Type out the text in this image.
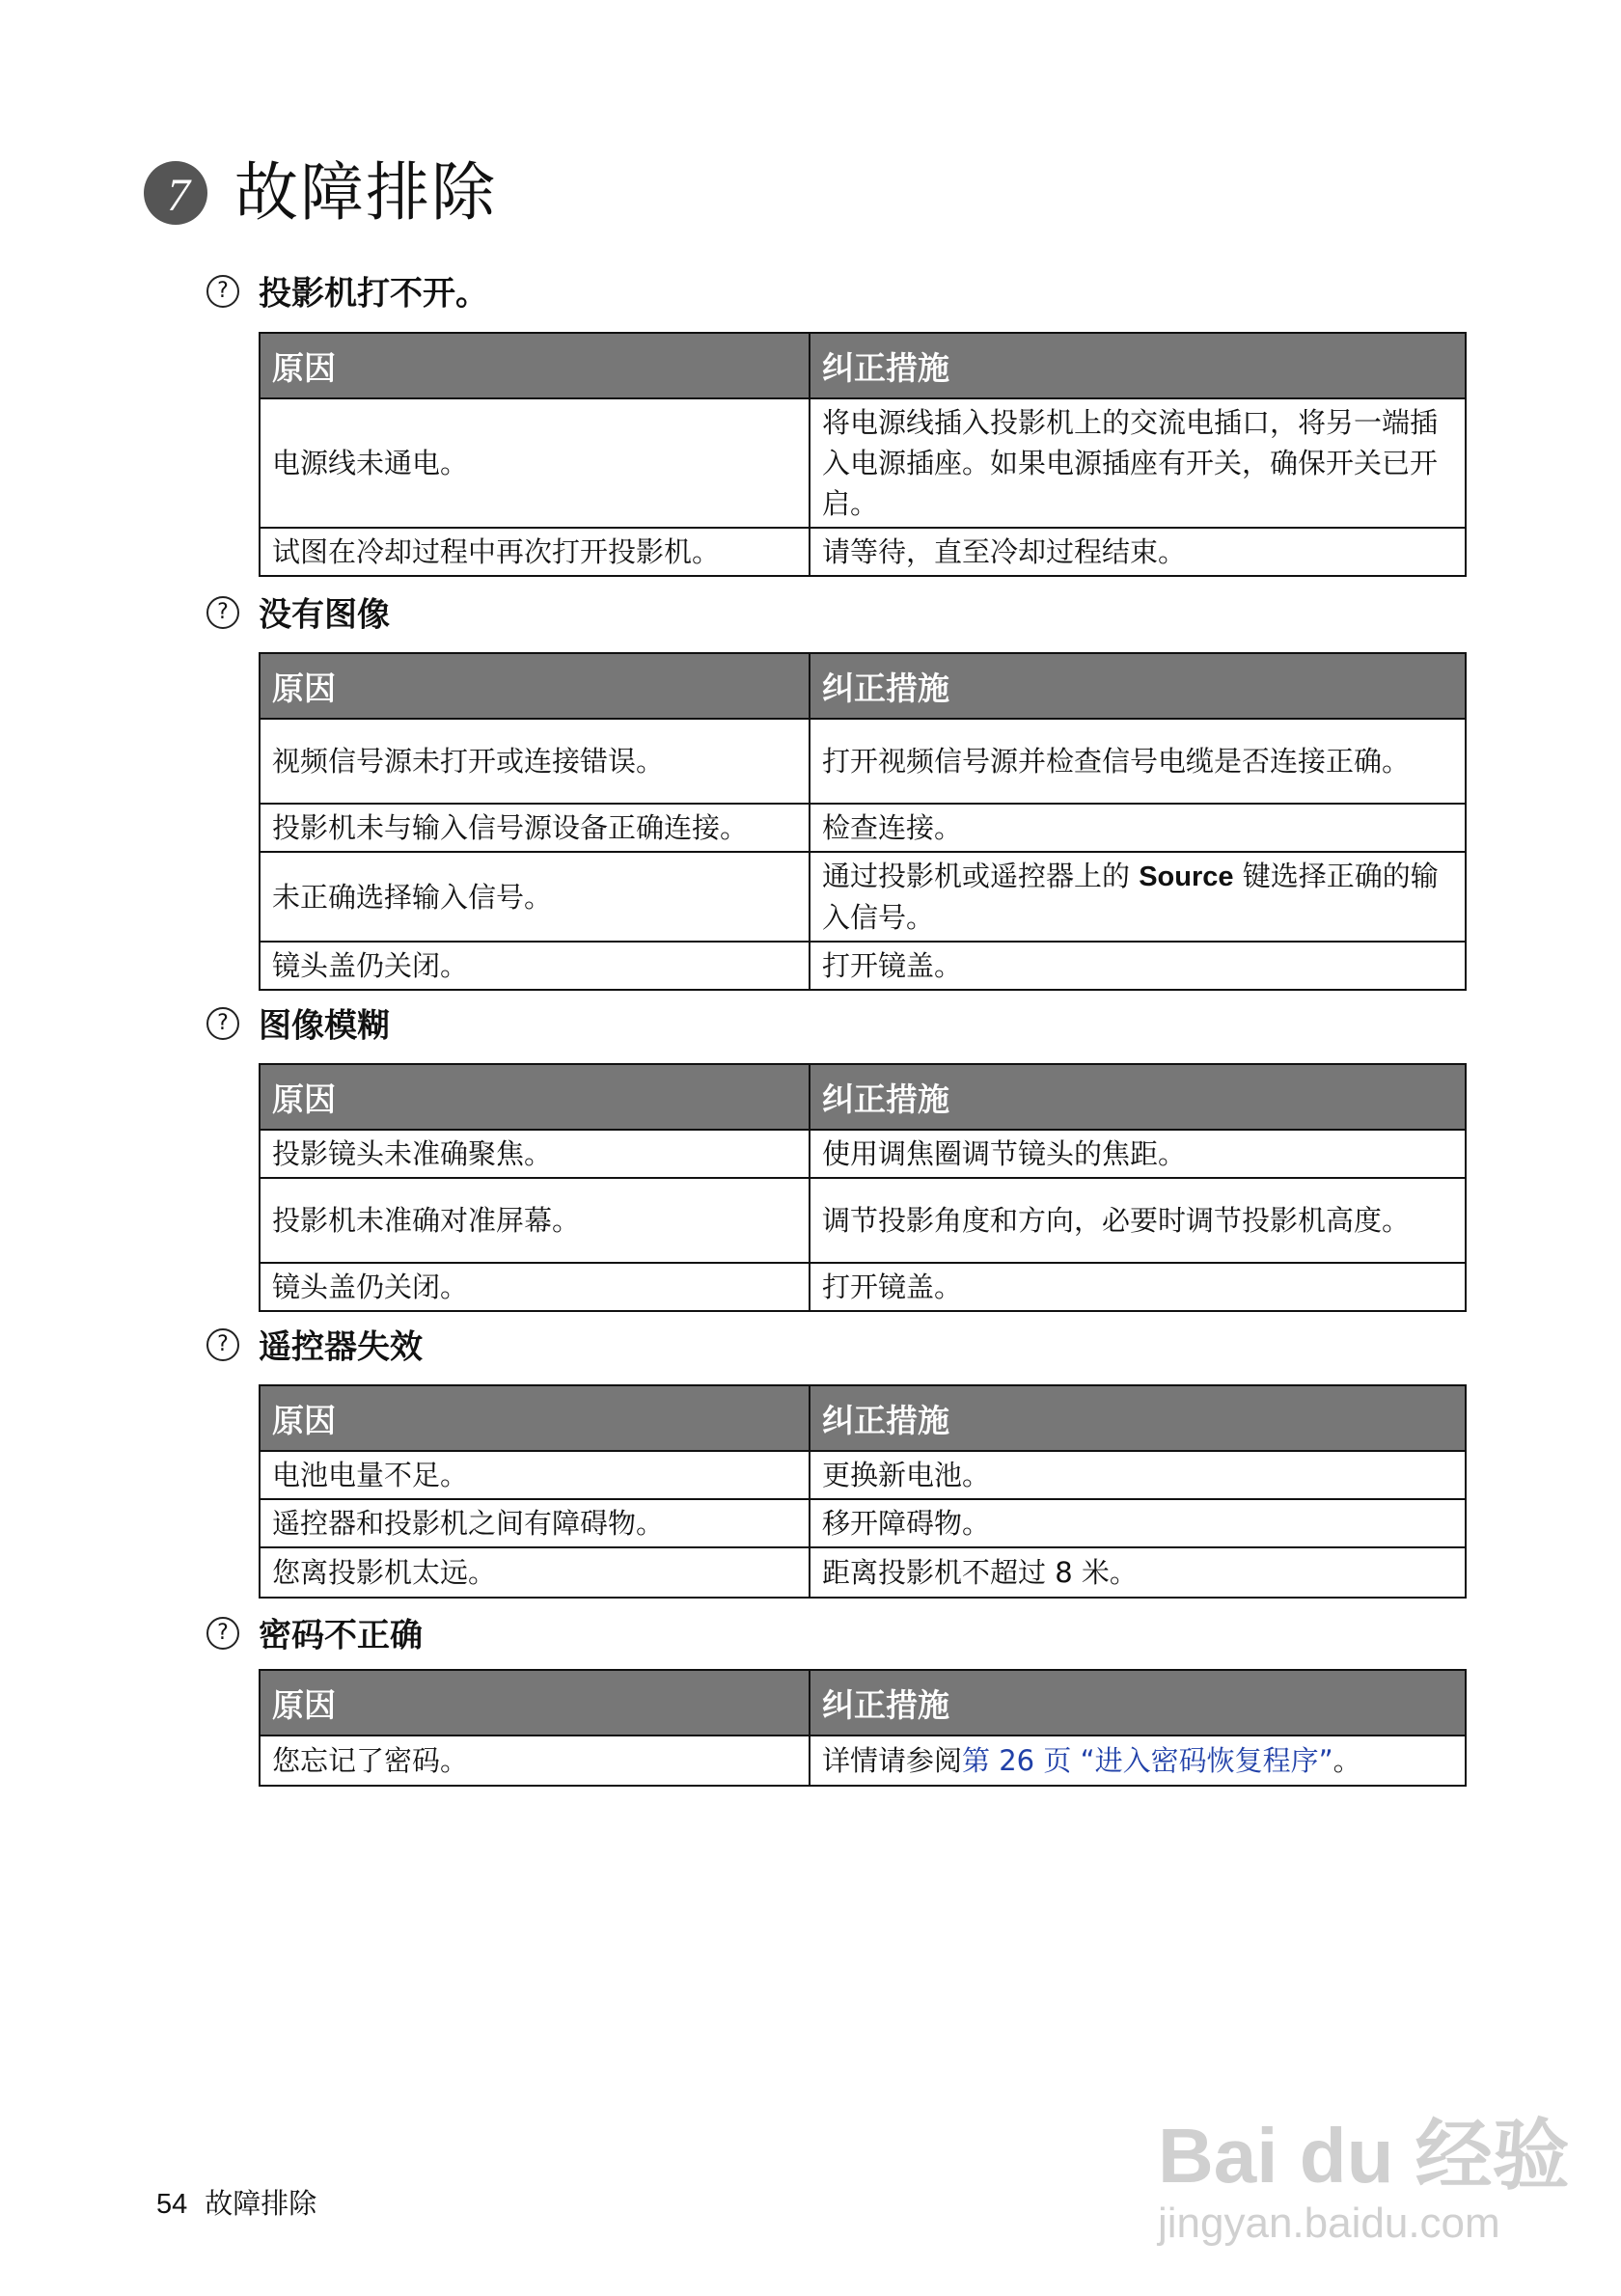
7 故障排除
? 投影机打不开。
原因	纠正措施
电源线未通电。	将电源线插入投影机上的交流电插口，将另一端插入电源插座。如果电源插座有开关，确保开关已开启。
试图在冷却过程中再次打开投影机。	请等待，直至冷却过程结束。
? 没有图像
原因	纠正措施
视频信号源未打开或连接错误。	打开视频信号源并检查信号电缆是否连接正确。
投影机未与输入信号源设备正确连接。	检查连接。
未正确选择输入信号。	通过投影机或遥控器上的 Source 键选择正确的输入信号。
镜头盖仍关闭。	打开镜盖。
? 图像模糊
原因	纠正措施
投影镜头未准确聚焦。	使用调焦圈调节镜头的焦距。
投影机未准确对准屏幕。	调节投影角度和方向，必要时调节投影机高度。
镜头盖仍关闭。	打开镜盖。
? 遥控器失效
原因	纠正措施
电池电量不足。	更换新电池。
遥控器和投影机之间有障碍物。	移开障碍物。
您离投影机太远。	距离投影机不超过 8 米。
? 密码不正确
原因	纠正措施
您忘记了密码。	详情请参阅第 26 页 “进入密码恢复程序”。
54 故障排除
Bai du 经验
jingyan.baidu.com
